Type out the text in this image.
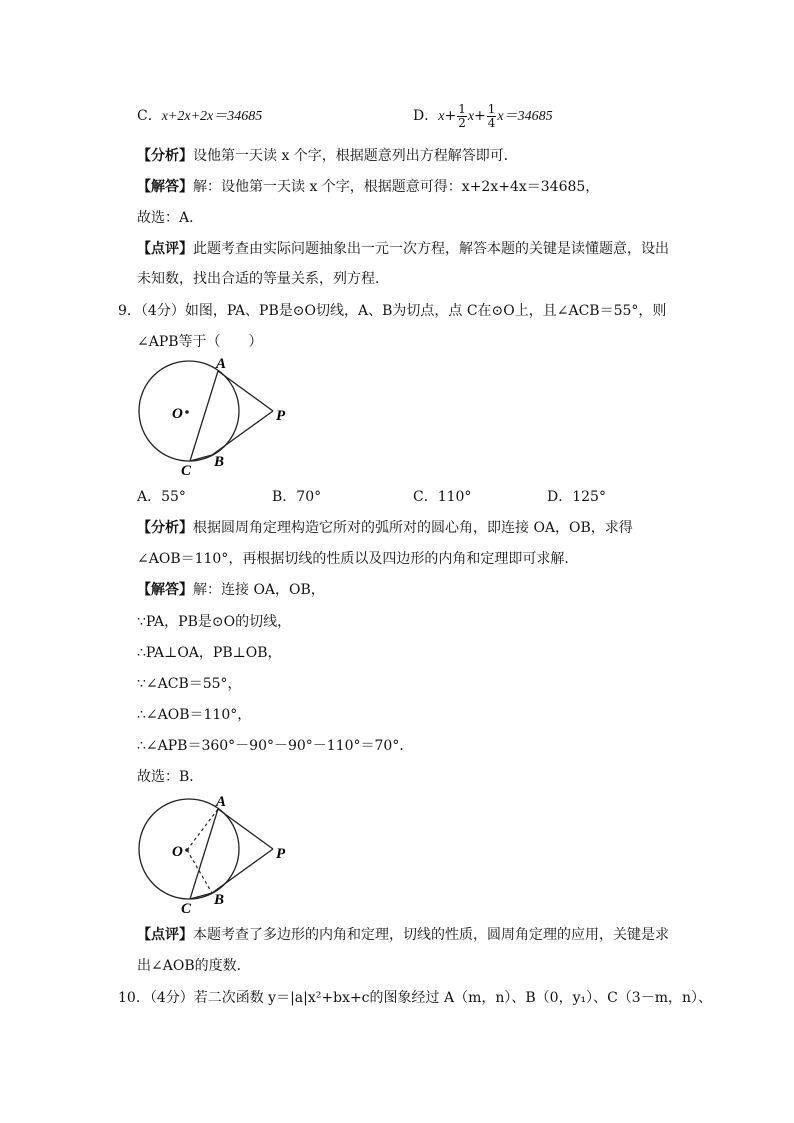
C．x+2x+2x＝34685	D．$x+ \frac{1}{2} x+ \frac{1}{4} x=34685$
【分析】设他第一天读 x 个字，根据题意列出方程解答即可．
【解答】解：设他第一天读 x 个字，根据题意可得：x+2x+4x＝34685，
故选：A．
【点评】此题考查由实际问题抽象出一元一次方程，解答本题的关键是读懂题意，设出
未知数，找出合适的等量关系，列方程．
9．（4分）如图，PA、PB是⊙O切线，A、B为切点，点 C在⊙O上，且∠ACB＝55°，则
∠APB等于（　　）
O
A
P
B
C
A．55°	B．70°	C．110°	D．125°
【分析】根据圆周角定理构造它所对的弧所对的圆心角，即连接 OA，OB，求得
∠AOB＝110°，再根据切线的性质以及四边形的内角和定理即可求解．
【解答】解：连接 OA，OB，
∵PA，PB是⊙O的切线，
∴PA⊥OA，PB⊥OB，
∵∠ACB＝55°，
∴∠AOB＝110°，
∴∠APB＝360°－90°－90°－110°＝70°．
故选：B．
O
A
P
B
C
【点评】本题考查了多边形的内角和定理，切线的性质，圆周角定理的应用，关键是求
出∠AOB的度数．
10．（4分）若二次函数 y＝|a|x²+bx+c的图象经过 A（m，n）、B（0，y₁）、C（3－m，n）、
